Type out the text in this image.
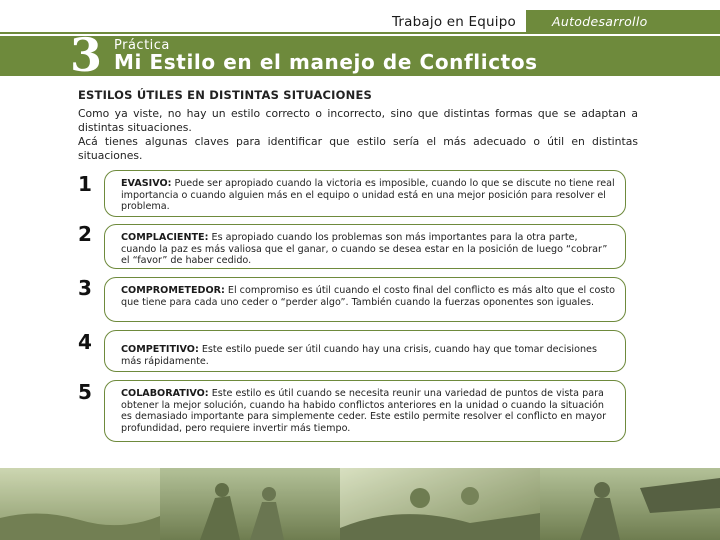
Trabajo en Equipo	Autodesarrollo
3 Práctica
Mi Estilo en el manejo de Conflictos
ESTILOS ÚTILES EN DISTINTAS SITUACIONES

Como ya viste, no hay un estilo correcto o incorrecto, sino que distintas formas que se adaptan a distintas situaciones.

Acá tienes algunas claves para identificar que estilo sería el más adecuado o útil en distintas situaciones.

1	EVASIVO: Puede ser apropiado cuando la victoria es imposible, cuando lo que se discute no tiene real importancia o cuando alguien más en el equipo o unidad está en una mejor posición para resolver el problema.
2	COMPLACIENTE: Es apropiado cuando los problemas son más importantes para la otra parte, cuando la paz es más valiosa que el ganar, o cuando se desea estar en la posición de luego “cobrar” el “favor” de haber cedido.
3	COMPROMETEDOR: El compromiso es útil cuando el costo final del conflicto es más alto que el costo que tiene para cada uno ceder o “perder algo”. También cuando la fuerzas oponentes son iguales.
4	COMPETITIVO: Este estilo puede ser útil cuando hay una crisis, cuando hay que tomar decisiones más rápidamente.
5	COLABORATIVO: Este estilo es útil cuando se necesita reunir una variedad de puntos de vista para obtener la mejor solución, cuando ha habido conflictos anteriores en la unidad o cuando la situación es demasiado importante para simplemente ceder. Este estilo permite resolver el conflicto en mayor profundidad, pero requiere invertir más tiempo.
